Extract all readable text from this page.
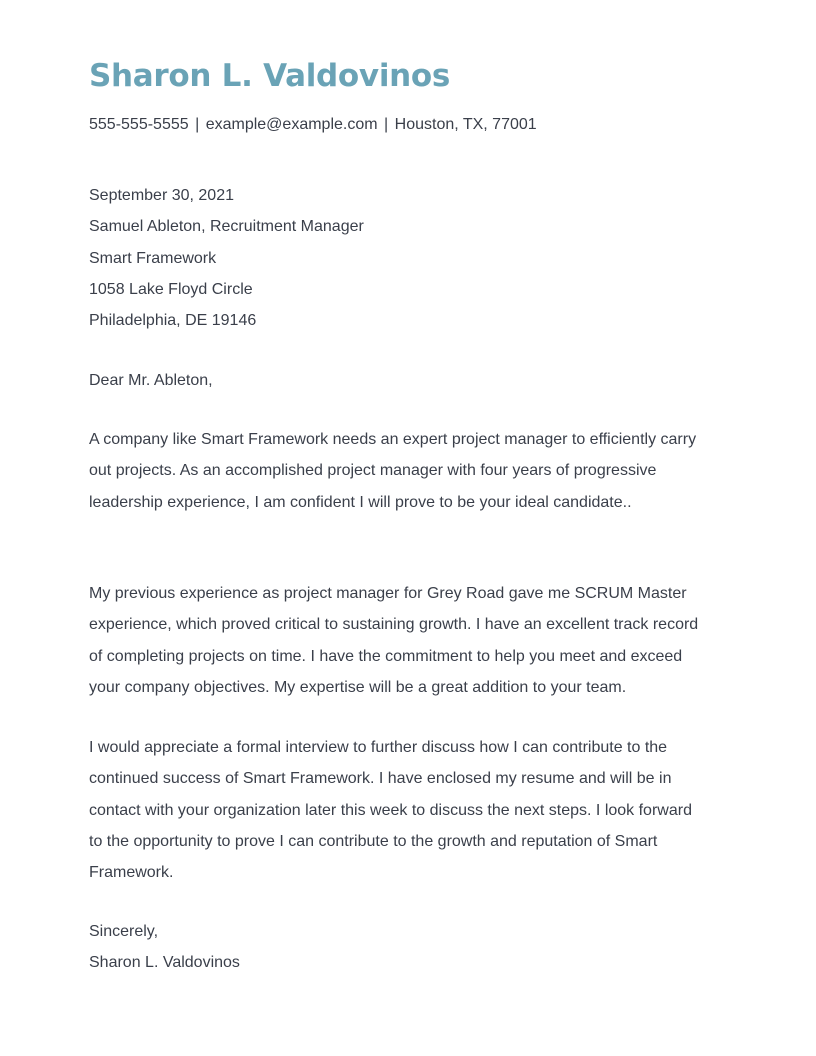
Sharon L. Valdovinos
555-555-5555 | example@example.com | Houston, TX, 77001
September 30, 2021
Samuel Ableton, Recruitment Manager
Smart Framework
1058 Lake Floyd Circle
Philadelphia, DE 19146
Dear Mr. Ableton,

A company like Smart Framework needs an expert project manager to efficiently carry out projects. As an accomplished project manager with four years of progressive leadership experience, I am confident I will prove to be your ideal candidate..

My previous experience as project manager for Grey Road gave me SCRUM Master experience, which proved critical to sustaining growth. I have an excellent track record of completing projects on time. I have the commitment to help you meet and exceed your company objectives. My expertise will be a great addition to your team.

I would appreciate a formal interview to further discuss how I can contribute to the continued success of Smart Framework. I have enclosed my resume and will be in contact with your organization later this week to discuss the next steps. I look forward to the opportunity to prove I can contribute to the growth and reputation of Smart Framework.

Sincerely,
Sharon L. Valdovinos
